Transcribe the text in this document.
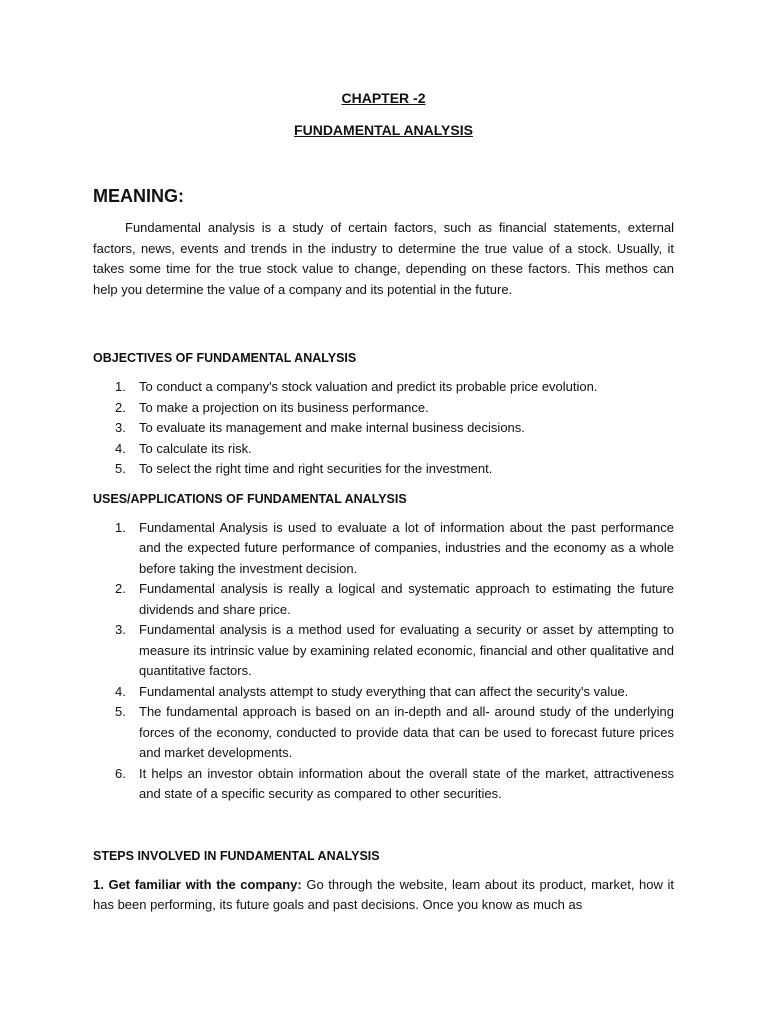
CHAPTER -2

FUNDAMENTAL ANALYSIS

MEANING:

Fundamental analysis is a study of certain factors, such as financial statements, external factors, news, events and trends in the industry to determine the true value of a stock. Usually, it takes some time for the true stock value to change, depending on these factors. This methos can help you determine the value of a company and its potential in the future.

OBJECTIVES OF FUNDAMENTAL ANALYSIS

1. To conduct a company's stock valuation and predict its probable price evolution.
2. To make a projection on its business performance.
3. To evaluate its management and make internal business decisions.
4. To calculate its risk.
5. To select the right time and right securities for the investment.

USES/APPLICATIONS OF FUNDAMENTAL ANALYSIS

1. Fundamental Analysis is used to evaluate a lot of information about the past performance and the expected future performance of companies, industries and the economy as a whole before taking the investment decision.
2. Fundamental analysis is really a logical and systematic approach to estimating the future dividends and share price.
3. Fundamental analysis is a method used for evaluating a security or asset by attempting to measure its intrinsic value by examining related economic, financial and other qualitative and quantitative factors.
4. Fundamental analysts attempt to study everything that can affect the security's value.
5. The fundamental approach is based on an in-depth and all- around study of the underlying forces of the economy, conducted to provide data that can be used to forecast future prices and market developments.
6. It helps an investor obtain information about the overall state of the market, attractiveness and state of a specific security as compared to other securities.

STEPS INVOLVED IN FUNDAMENTAL ANALYSIS

1. Get familiar with the company: Go through the website, leam about its product, market, how it has been performing, its future goals and past decisions. Once you know as much as
